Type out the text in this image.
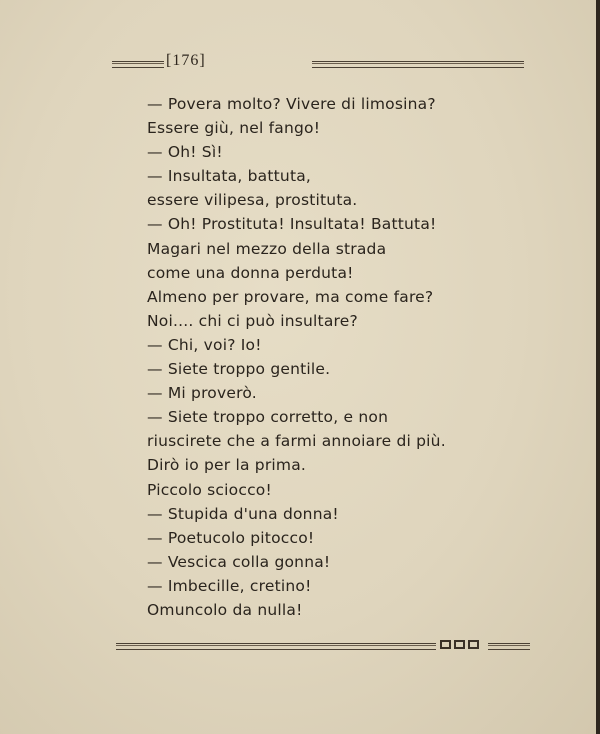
[176]
— Povera molto? Vivere di limosina?
Essere giù, nel fango!
— Oh! Sì!
— Insultata, battuta,
essere vilipesa, prostituta.
— Oh! Prostituta! Insultata! Battuta!
Magari nel mezzo della strada
come una donna perduta!
Almeno per provare, ma come fare?
Noi.... chi ci può insultare?
— Chi, voi? Io!
— Siete troppo gentile.
— Mi proverò.
— Siete troppo corretto, e non
riuscirete che a farmi annoiare di più.
Dirò io per la prima.
Piccolo sciocco!
— Stupida d'una donna!
— Poetucolo pitocco!
— Vescica colla gonna!
— Imbecille, cretino!
Omuncolo da nulla!
